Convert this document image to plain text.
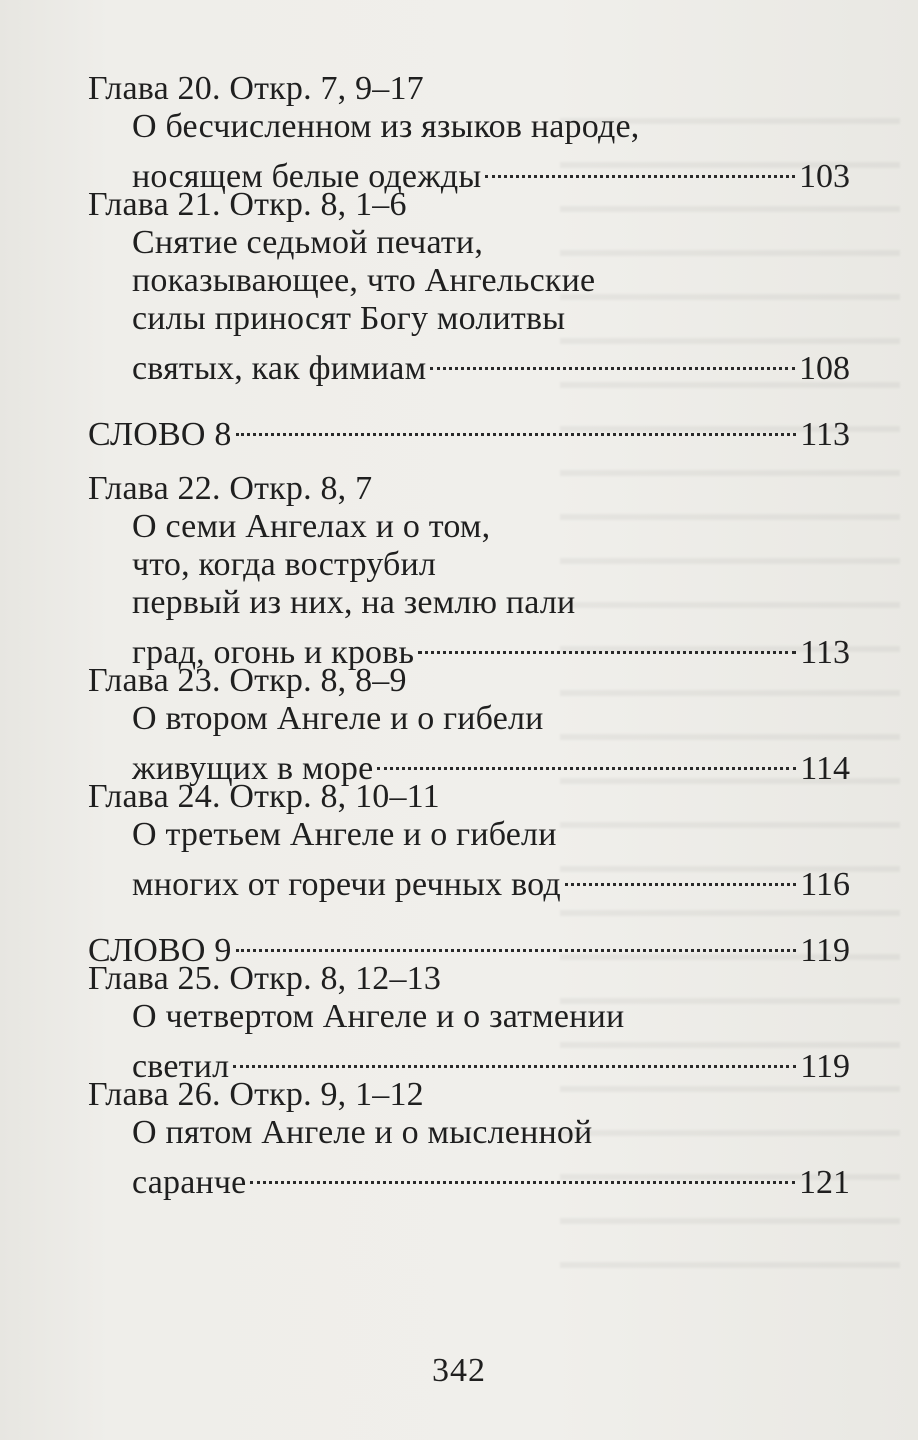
Глава 20. Откр. 7, 9–17
О бесчисленном из языков народе,
носящем белые одежды	103
Глава 21. Откр. 8, 1–6
Снятие седьмой печати,
показывающее, что Ангельские
силы приносят Богу молитвы
святых, как фимиам	108
СЛОВО 8	113
Глава 22. Откр. 8, 7
О семи Ангелах и о том,
что, когда вострубил
первый из них, на землю пали
град, огонь и кровь	113
Глава 23. Откр. 8, 8–9
О втором Ангеле и о гибели
живущих в море	114
Глава 24. Откр. 8, 10–11
О третьем Ангеле и о гибели
многих от горечи речных вод	116
СЛОВО 9	119
Глава 25. Откр. 8, 12–13
О четвертом Ангеле и о затмении
светил	119
Глава 26. Откр. 9, 1–12
О пятом Ангеле и о мысленной
саранче	121
342
